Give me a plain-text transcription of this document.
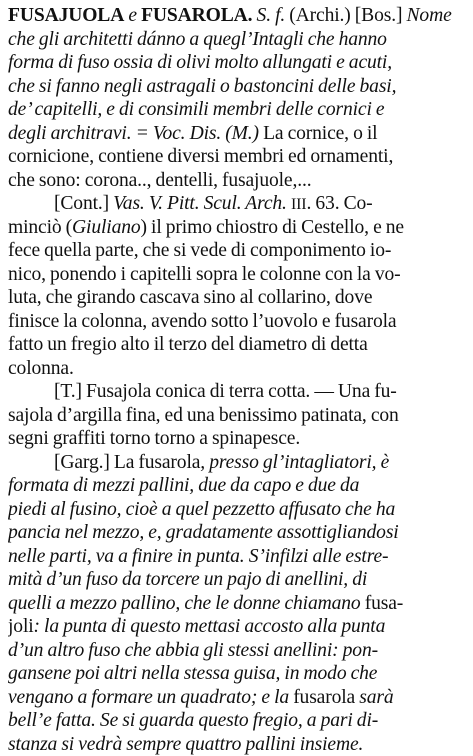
FUSAJUOLA e FUSAROLA. S. f. (Archi.) [Bos.] Nome
che gli architetti dánno a quegl’Intagli che hanno
forma di fuso ossia di olivi molto allungati e acuti,
che si fanno negli astragali o bastoncini delle basi,
de’ capitelli, e di consimili membri delle cornici e
degli architravi. = Voc. Dis. (M.) La cornice, o il
cornicione, contiene diversi membri ed ornamenti,
che sono: corona.., dentelli, fusajuole,...
[Cont.] Vas. V. Pitt. Scul. Arch. III. 63. Co-
minciò (Giuliano) il primo chiostro di Cestello, e ne
fece quella parte, che si vede di componimento io-
nico, ponendo i capitelli sopra le colonne con la vo-
luta, che girando cascava sino al collarino, dove
finisce la colonna, avendo sotto l’uovolo e fusarola
fatto un fregio alto il terzo del diametro di detta
colonna.
[T.] Fusajola conica di terra cotta. — Una fu-
sajola d’argilla fina, ed una benissimo patinata, con
segni graffiti torno torno a spinapesce.
[Garg.] La fusarola, presso gl’intagliatori, è
formata di mezzi pallini, due da capo e due da
piedi al fusino, cioè a quel pezzetto affusato che ha
pancia nel mezzo, e, gradatamente assottigliandosi
nelle parti, va a finire in punta. S’infilzi alle estre-
mità d’un fuso da torcere un pajo di anellini, di
quelli a mezzo pallino, che le donne chiamano fusa-
joli: la punta di questo mettasi accosto alla punta
d’un altro fuso che abbia gli stessi anellini: pon-
gansene poi altri nella stessa guisa, in modo che
vengano a formare un quadrato; e la fusarola sarà
bell’e fatta. Se si guarda questo fregio, a pari di-
stanza si vedrà sempre quattro pallini insieme.
